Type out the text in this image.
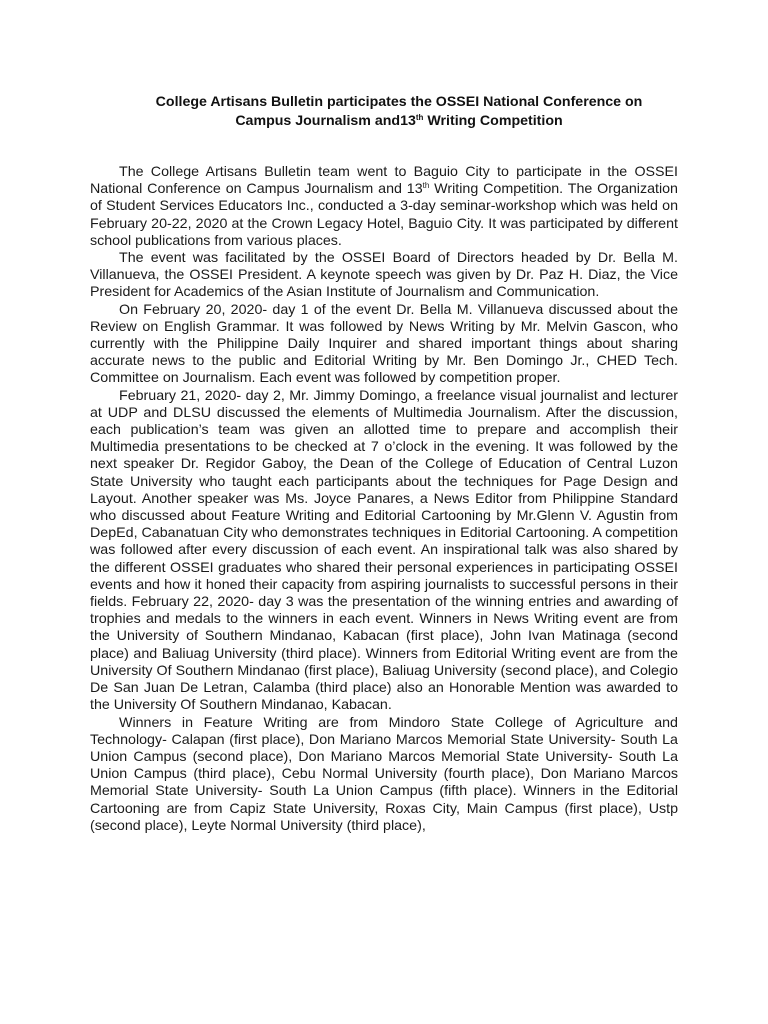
College Artisans Bulletin participates the OSSEI National Conference on
Campus Journalism and13th Writing Competition

The College Artisans Bulletin team went to Baguio City to participate in the OSSEI National Conference on Campus Journalism and 13th Writing Competition. The Organization of Student Services Educators Inc., conducted a 3-day seminar-workshop which was held on February 20-22, 2020 at the Crown Legacy Hotel, Baguio City. It was participated by different school publications from various places.

The event was facilitated by the OSSEI Board of Directors headed by Dr. Bella M. Villanueva, the OSSEI President. A keynote speech was given by Dr. Paz H. Diaz, the Vice President for Academics of the Asian Institute of Journalism and Communication.

On February 20, 2020- day 1 of the event Dr. Bella M. Villanueva discussed about the Review on English Grammar. It was followed by News Writing by Mr. Melvin Gascon, who currently with the Philippine Daily Inquirer and shared important things about sharing accurate news to the public and Editorial Writing by Mr. Ben Domingo Jr., CHED Tech. Committee on Journalism. Each event was followed by competition proper.

February 21, 2020- day 2, Mr. Jimmy Domingo, a freelance visual journalist and lecturer at UDP and DLSU discussed the elements of Multimedia Journalism. After the discussion, each publication’s team was given an allotted time to prepare and accomplish their Multimedia presentations to be checked at 7 o’clock in the evening. It was followed by the next speaker Dr. Regidor Gaboy, the Dean of the College of Education of Central Luzon State University who taught each participants about the techniques for Page Design and Layout. Another speaker was Ms. Joyce Panares, a News Editor from Philippine Standard who discussed about Feature Writing and Editorial Cartooning by Mr.Glenn V. Agustin from DepEd, Cabanatuan City who demonstrates techniques in Editorial Cartooning. A competition was followed after every discussion of each event. An inspirational talk was also shared by the different OSSEI graduates who shared their personal experiences in participating OSSEI events and how it honed their capacity from aspiring journalists to successful persons in their fields. February 22, 2020- day 3 was the presentation of the winning entries and awarding of trophies and medals to the winners in each event. Winners in News Writing event are from the University of Southern Mindanao, Kabacan (first place), John Ivan Matinaga (second place) and Baliuag University (third place). Winners from Editorial Writing event are from the University Of Southern Mindanao (first place), Baliuag University (second place), and Colegio De San Juan De Letran, Calamba (third place) also an Honorable Mention was awarded to the University Of Southern Mindanao, Kabacan.

Winners in Feature Writing are from Mindoro State College of Agriculture and Technology- Calapan (first place), Don Mariano Marcos Memorial State University- South La Union Campus (second place), Don Mariano Marcos Memorial State University- South La Union Campus (third place), Cebu Normal University (fourth place), Don Mariano Marcos Memorial State University- South La Union Campus (fifth place). Winners in the Editorial Cartooning are from Capiz State University, Roxas City, Main Campus (first place), Ustp (second place), Leyte Normal University (third place),
